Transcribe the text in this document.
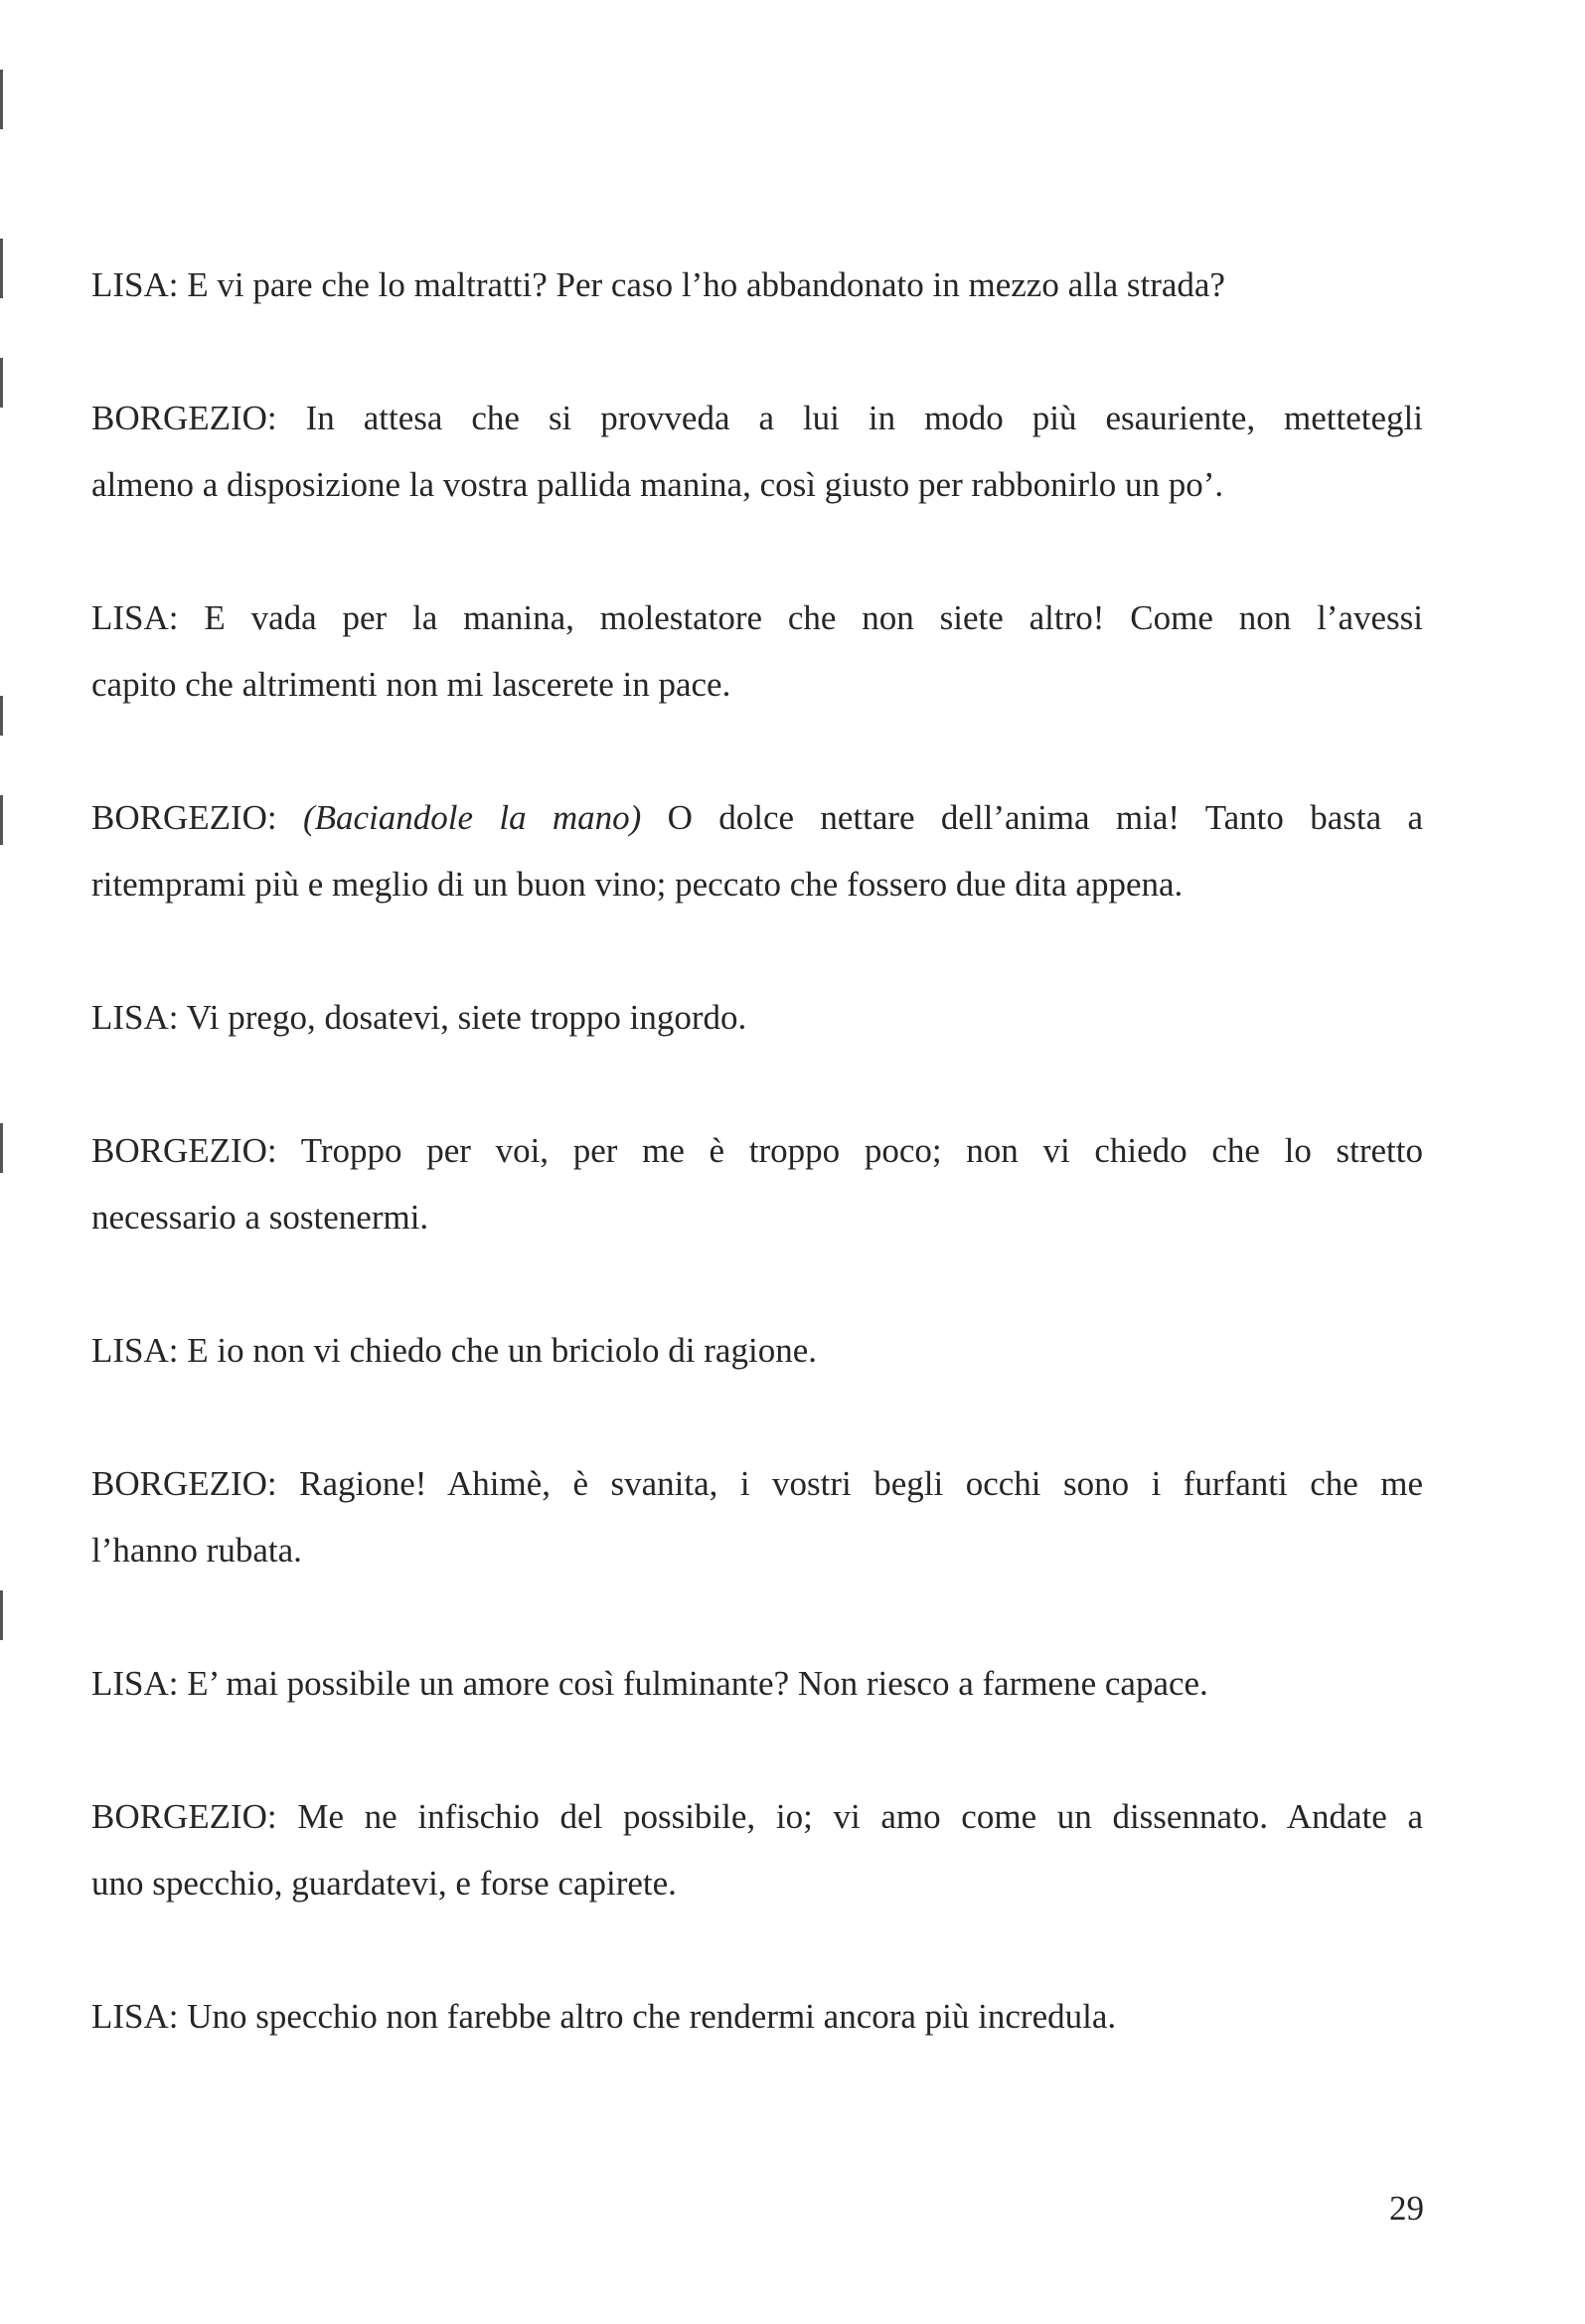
LISA: E vi pare che lo maltratti? Per caso l’ho abbandonato in mezzo alla strada?

BORGEZIO: In attesa che si provveda a lui in modo più esauriente, mettetegli
almeno a disposizione la vostra pallida manina, così giusto per rabbonirlo un po’.

LISA: E vada per la manina, molestatore che non siete altro! Come non l’avessi
capito che altrimenti non mi lascerete in pace.

BORGEZIO: (Baciandole la mano) O dolce nettare dell’anima mia! Tanto basta a
ritemprami più e meglio di un buon vino; peccato che fossero due dita appena.

LISA: Vi prego, dosatevi, siete troppo ingordo.

BORGEZIO: Troppo per voi, per me è troppo poco; non vi chiedo che lo stretto
necessario a sostenermi.

LISA: E io non vi chiedo che un briciolo di ragione.

BORGEZIO: Ragione! Ahimè, è svanita, i vostri begli occhi sono i furfanti che me
l’hanno rubata.

LISA: E’ mai possibile un amore così fulminante? Non riesco a farmene capace.

BORGEZIO: Me ne infischio del possibile, io; vi amo come un dissennato. Andate a
uno specchio, guardatevi, e forse capirete.

LISA: Uno specchio non farebbe altro che rendermi ancora più incredula.

29
